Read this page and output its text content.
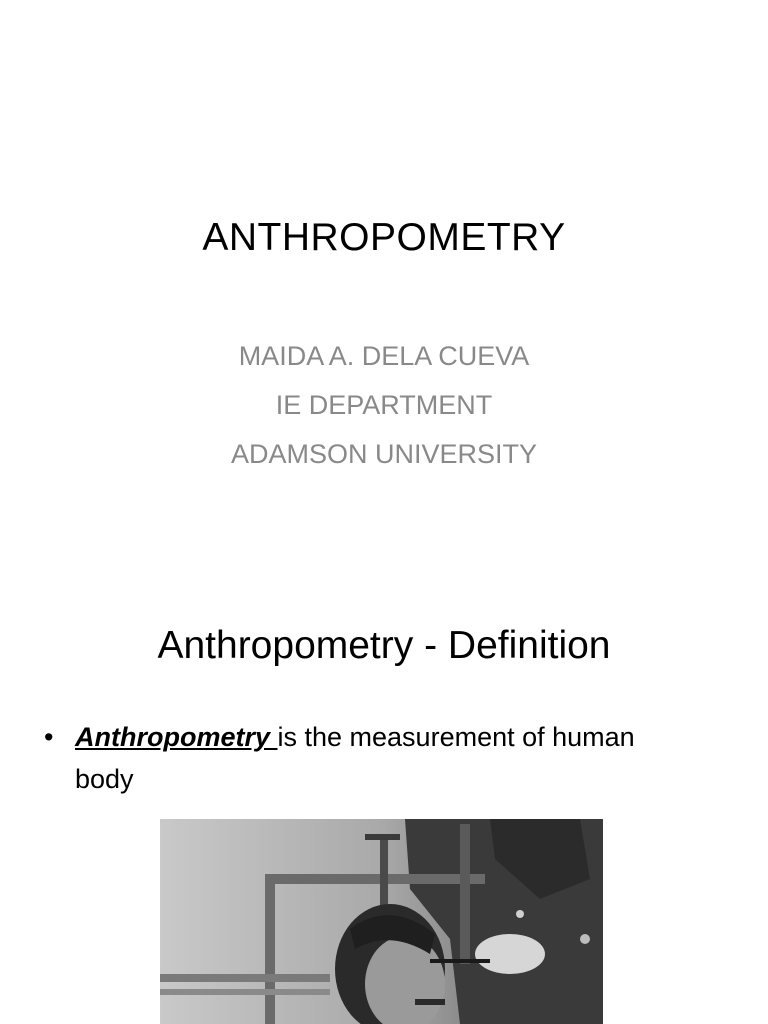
ANTHROPOMETRY
MAIDA A. DELA CUEVA
IE DEPARTMENT
ADAMSON UNIVERSITY
Anthropometry - Definition
• Anthropometry is the measurement of human body
